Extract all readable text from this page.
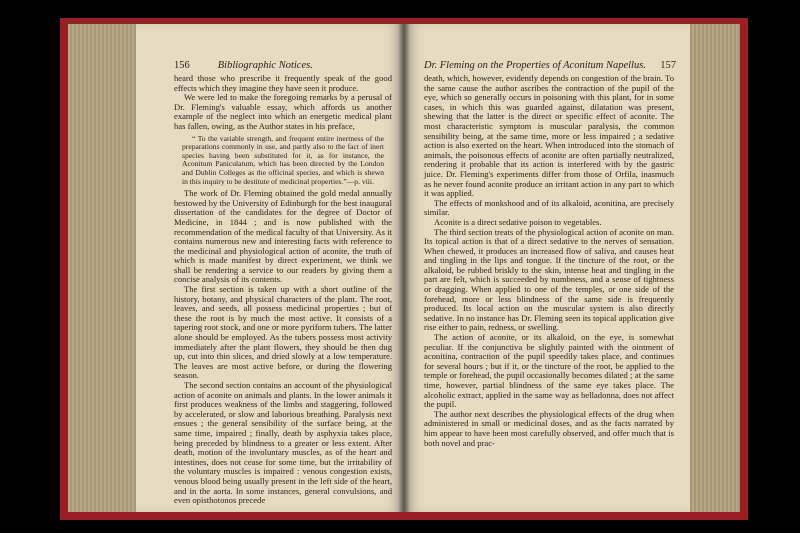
156	Bibliographic Notices.

heard those who prescribe it frequently speak of the good effects which they imagine they have seen it produce.

We were led to make the foregoing remarks by a perusal of Dr. Fleming's valuable essay, which affords us another example of the neglect into which an energetic medical plant has fallen, owing, as the Author states in his preface,

“ To the variable strength, and frequent entire inertness of the preparations commonly in use, and partly also to the fact of inert species having been substituted for it, as for instance, the Aconitum Paniculatum, which has been directed by the London and Dublin Colleges as the officinal species, and which is shewn in this inquiry to be destitute of medicinal properties.”—p. viii.

The work of Dr. Fleming obtained the gold medal annually bestowed by the University of Edinburgh for the best inaugural dissertation of the candidates for the degree of Doctor of Medicine, in 1844 ; and is now published with the recommendation of the medical faculty of that University. As it contains numerous new and interesting facts with reference to the medicinal and physiological action of aconite, the truth of which is made manifest by direct experiment, we think we shall be rendering a service to our readers by giving them a concise analysis of its contents.

The first section is taken up with a short outline of the history, botany, and physical characters of the plant. The root, leaves, and seeds, all possess medicinal properties ; but of these the root is by much the most active. It consists of a tapering root stock, and one or more pyriform tubers. The latter alone should be employed. As the tubers possess most activity immediately after the plant flowers, they should be then dug up, cut into thin slices, and dried slowly at a low temperature. The leaves are most active before, or during the flowering season.

The second section contains an account of the physiological action of aconite on animals and plants. In the lower animals it first produces weakness of the limbs and staggering, followed by accelerated, or slow and laborious breathing. Paralysis next ensues ; the general sensibility of the surface being, at the same time, impaired ; finally, death by asphyxia takes place, being preceded by blindness to a greater or less extent. After death, motion of the involuntary muscles, as of the heart and intestines, does not cease for some time, but the irritability of the voluntary muscles is impaired : venous congestion exists, venous blood being usually present in the left side of the heart, and in the aorta. In some instances, general convulsions, and even opisthotonos precede

157
Dr. Fleming on the Properties of Aconitum Napellus.

death, which, however, evidently depends on congestion of the brain. To the same cause the author ascribes the contraction of the pupil of the eye, which so generally occurs in poisoning with this plant, for in some cases, in which this was guarded against, dilatation was present, shewing that the latter is the direct or specific effect of aconite. The most characteristic symptom is muscular paralysis, the common sensibility being, at the same time, more or less impaired ; a sedative action is also exerted on the heart. When introduced into the stomach of animals, the poisonous effects of aconite are often partially neutralized, rendering it probable that its action is interfered with by the gastric juice. Dr. Fleming's experiments differ from those of Orfila, inasmuch as he never found aconite produce an irritant action in any part to which it was applied.

The effects of monkshood and of its alkaloid, aconitina, are precisely similar.

Aconite is a direct sedative poison to vegetables.

The third section treats of the physiological action of aconite on man. Its topical action is that of a direct sedative to the nerves of sensation. When chewed, it produces an increased flow of saliva, and causes heat and tingling in the lips and tongue. If the tincture of the root, or the alkaloid, be rubbed briskly to the skin, intense heat and tingling in the part are felt, which is succeeded by numbness, and a sense of tightness or dragging. When applied to one of the temples, or one side of the forehead, more or less blindness of the same side is frequently produced. Its local action on the muscular system is also directly sedative. In no instance has Dr. Fleming seen its topical application give rise either to pain, redness, or swelling.

The action of aconite, or its alkaloid, on the eye, is somewhat peculiar. If the conjunctiva be slightly painted with the ointment of aconitina, contraction of the pupil speedily takes place, and continues for several hours ; but if it, or the tincture of the root, be applied to the temple or forehead, the pupil occasionally becomes dilated ; at the same time, however, partial blindness of the same eye takes place. The alcoholic extract, applied in the same way as belladonna, does not affect the pupil.

The author next describes the physiological effects of the drug when administered in small or medicinal doses, and as the facts narrated by him appear to have been most carefully observed, and offer much that is both novel and prac-
